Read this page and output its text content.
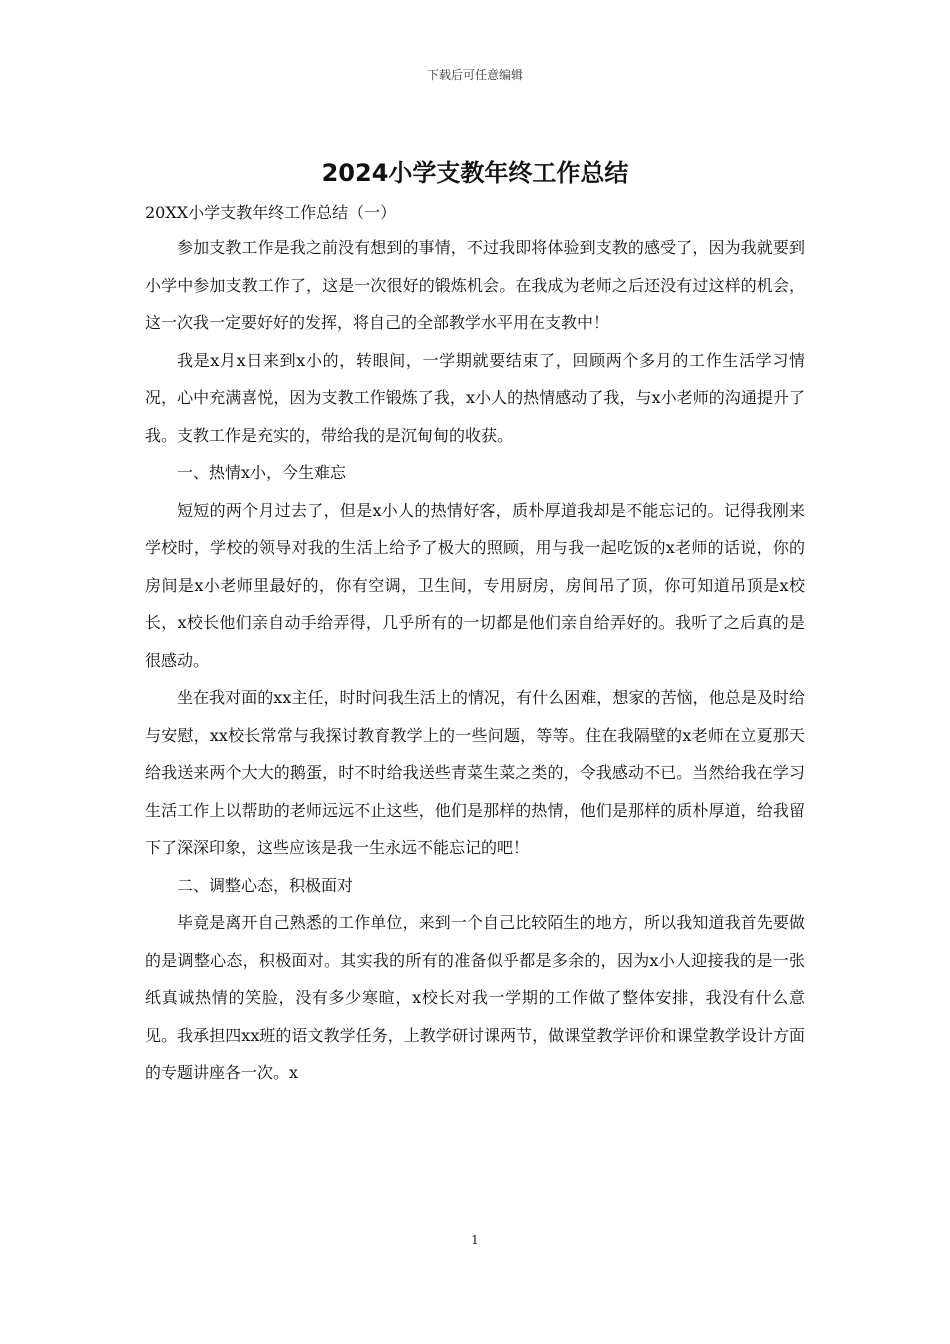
下载后可任意编辑
2024小学支教年终工作总结
20XX小学支教年终工作总结（一）

参加支教工作是我之前没有想到的事情，不过我即将体验到支教的感受了，因为我就要到小学中参加支教工作了，这是一次很好的锻炼机会。在我成为老师之后还没有过这样的机会，这一次我一定要好好的发挥，将自己的全部教学水平用在支教中！

我是x月x日来到x小的，转眼间，一学期就要结束了，回顾两个多月的工作生活学习情况，心中充满喜悦，因为支教工作锻炼了我，x小人的热情感动了我，与x小老师的沟通提升了我。支教工作是充实的，带给我的是沉甸甸的收获。

一、热情x小，今生难忘

短短的两个月过去了，但是x小人的热情好客，质朴厚道我却是不能忘记的。记得我刚来学校时，学校的领导对我的生活上给予了极大的照顾，用与我一起吃饭的x老师的话说，你的房间是x小老师里最好的，你有空调，卫生间，专用厨房，房间吊了顶，你可知道吊顶是x校长，x校长他们亲自动手给弄得，几乎所有的一切都是他们亲自给弄好的。我听了之后真的是很感动。

坐在我对面的xx主任，时时问我生活上的情况，有什么困难，想家的苦恼，他总是及时给与安慰，xx校长常常与我探讨教育教学上的一些问题，等等。住在我隔壁的x老师在立夏那天给我送来两个大大的鹅蛋，时不时给我送些青菜生菜之类的，令我感动不已。当然给我在学习生活工作上以帮助的老师远远不止这些，他们是那样的热情，他们是那样的质朴厚道，给我留下了深深印象，这些应该是我一生永远不能忘记的吧！

二、调整心态，积极面对

毕竟是离开自己熟悉的工作单位，来到一个自己比较陌生的地方，所以我知道我首先要做的是调整心态，积极面对。其实我的所有的准备似乎都是多余的，因为x小人迎接我的是一张纸真诚热情的笑脸，没有多少寒暄，x校长对我一学期的工作做了整体安排，我没有什么意见。我承担四xx班的语文教学任务，上教学研讨课两节，做课堂教学评价和课堂教学设计方面的专题讲座各一次。x

1
